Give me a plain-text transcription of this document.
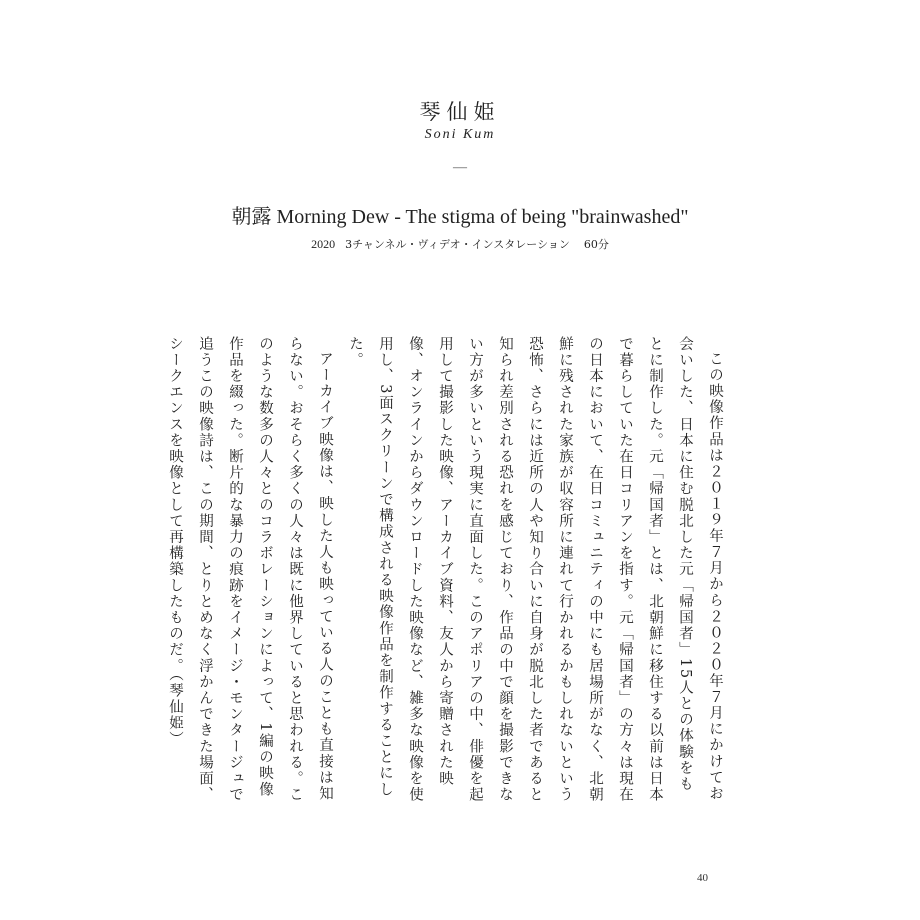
琴仙姫
Soni Kum
—
朝露 Morning Dew - The stigma of being "brainwashed"
2020 3チャンネル・ヴィデオ・インスタレーション 60分

この映像作品は２０１９年７月から２０２０年７月にかけてお会いした、日本に住む脱北した元「帰国者」15人との体験をもとに制作した。元「帰国者」とは、北朝鮮に移住する以前は日本で暮らしていた在日コリアンを指す。元「帰国者」の方々は現在の日本において、在日コミュニティの中にも居場所がなく、北朝鮮に残された家族が収容所に連れて行かれるかもしれないという恐怖、さらには近所の人や知り合いに自身が脱北した者であると知られ差別される恐れを感じており、作品の中で顔を撮影できない方が多いという現実に直面した。このアポリアの中、俳優を起用して撮影した映像、アーカイブ資料、友人から寄贈された映像、オンラインからダウンロードした映像など、雑多な映像を使用し、3面スクリーンで構成される映像作品を制作することにした。

アーカイブ映像は、映した人も映っている人のことも直接は知らない。おそらく多くの人々は既に他界していると思われる。このような数多の人々とのコラボレーションによって、1編の映像作品を綴った。断片的な暴力の痕跡をイメージ・モンタージュで追うこの映像詩は、この期間、とりとめなく浮かんできた場面、シークエンスを映像として再構築したものだ。（琴仙姫）

40
